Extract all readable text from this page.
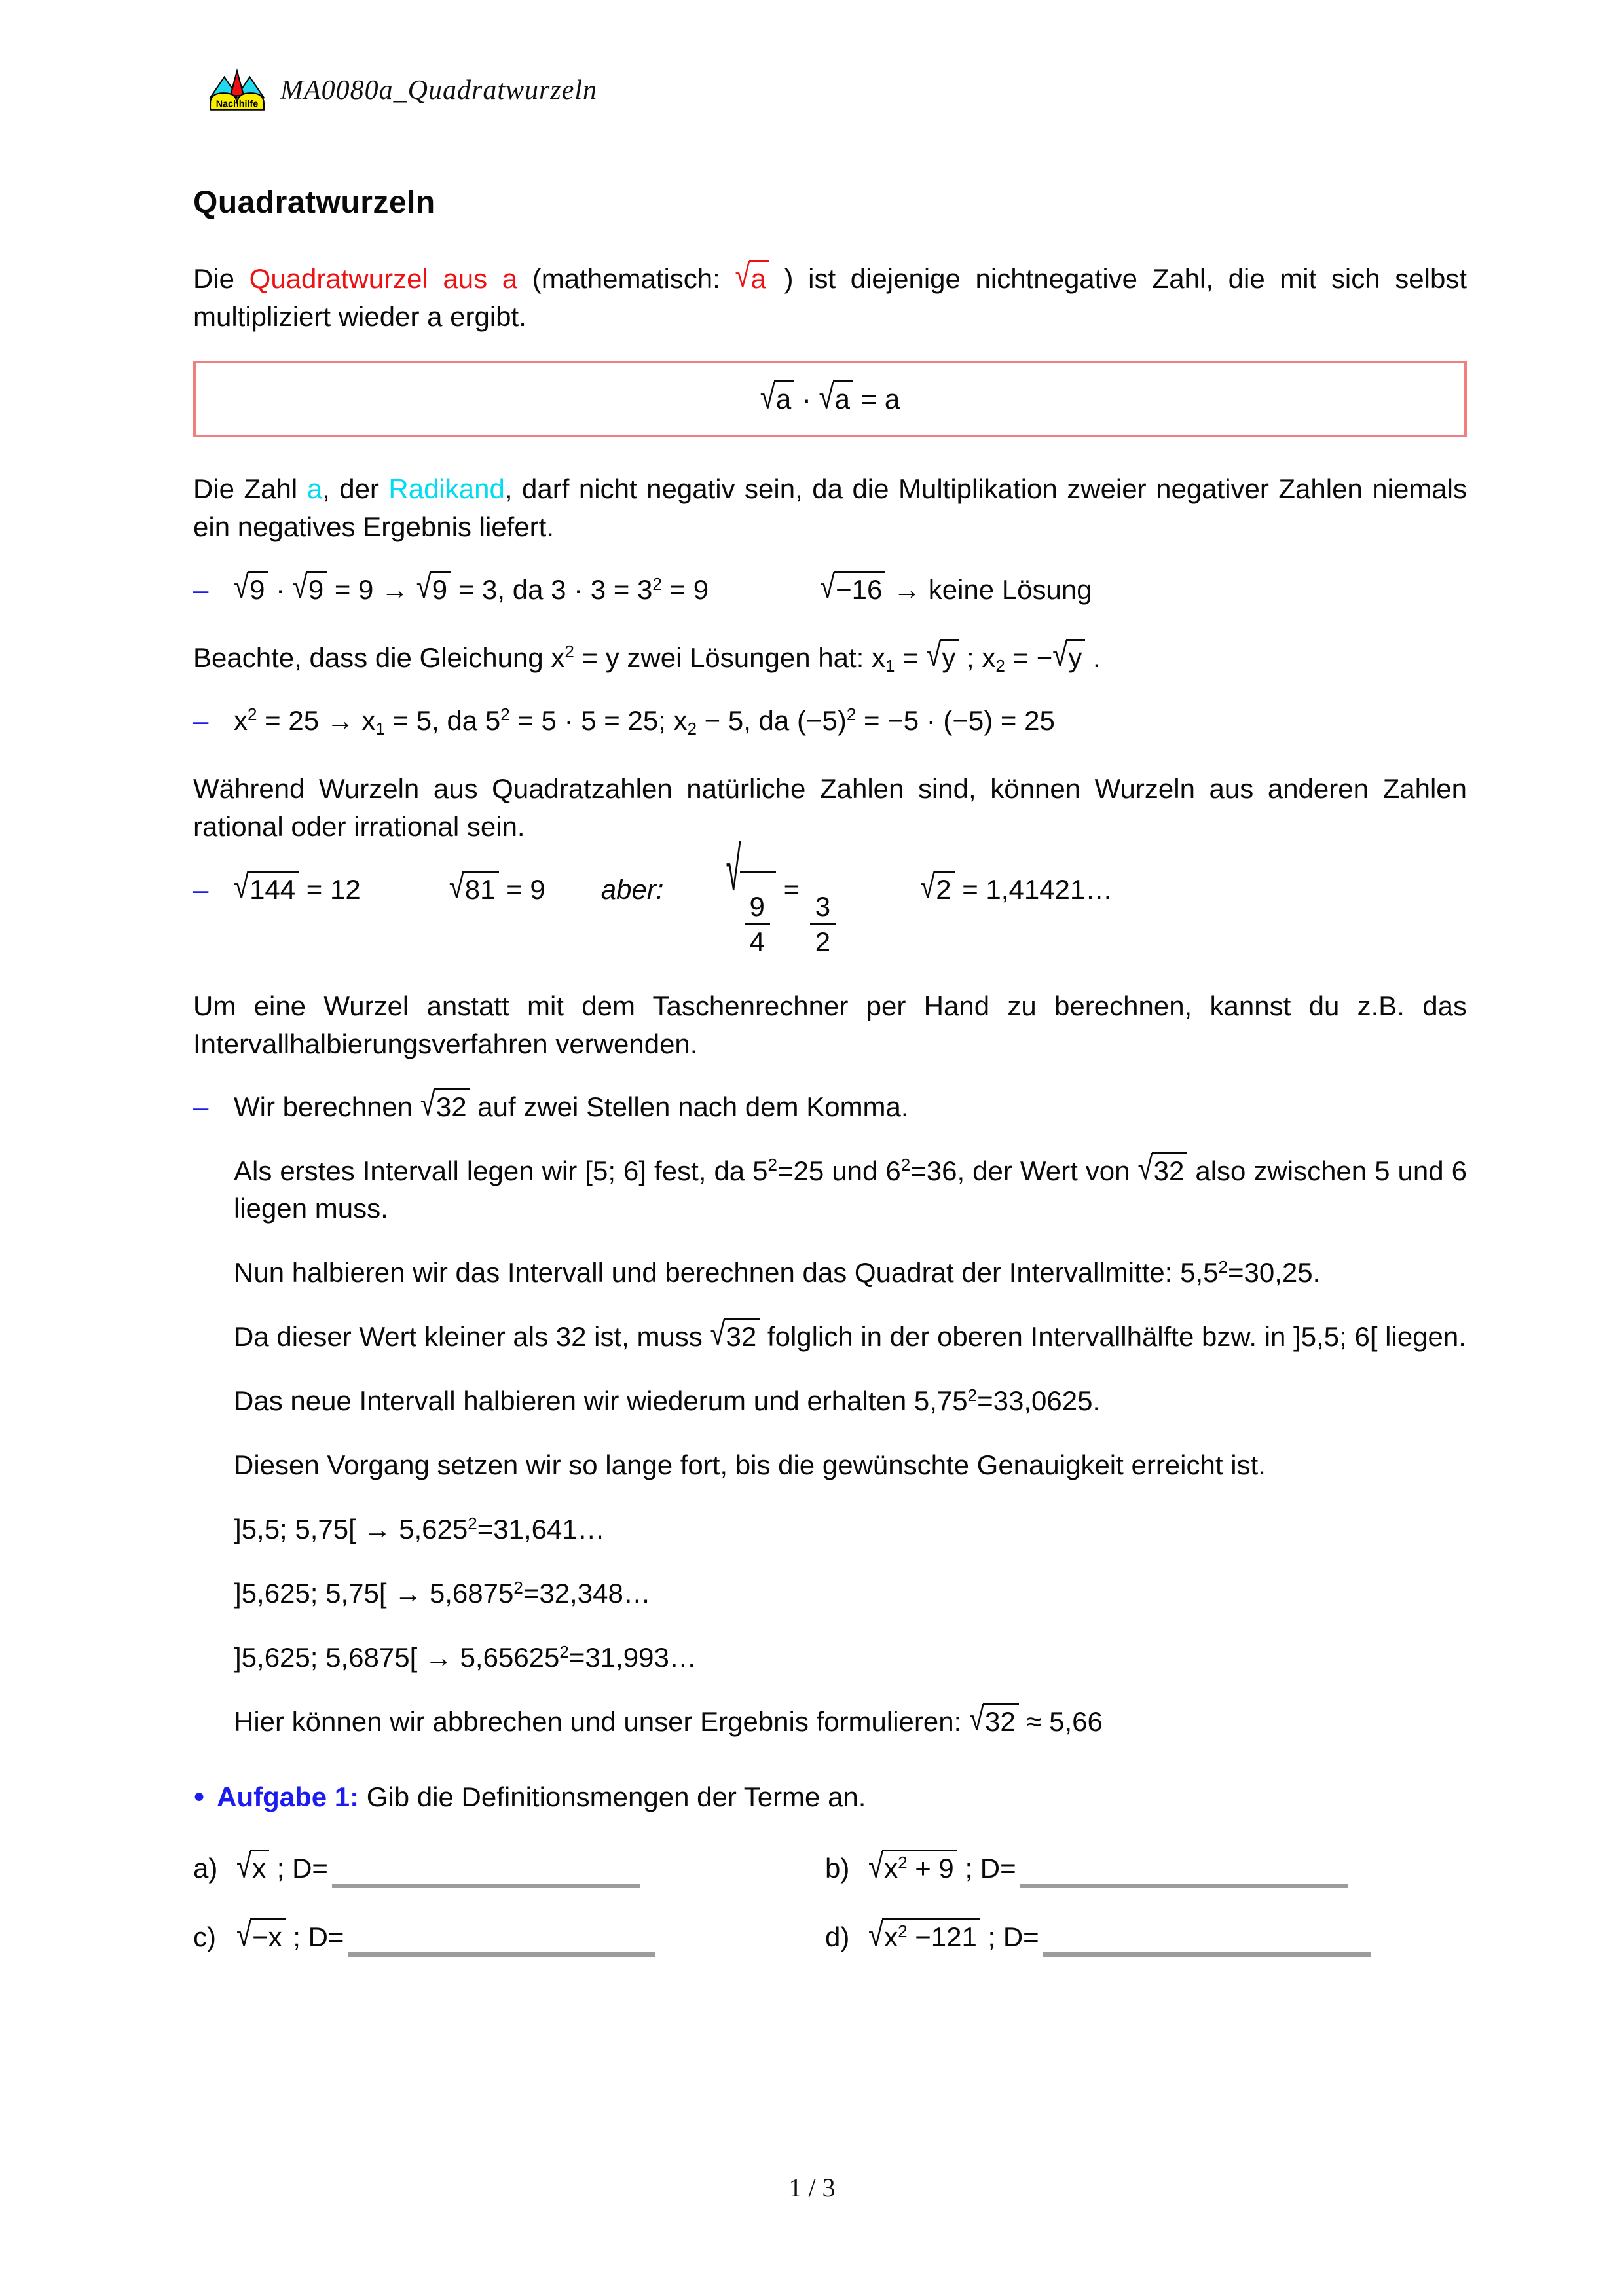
Nachhilfe MA0080a_Quadratwurzeln
Quadratwurzeln

Die Quadratwurzel aus a (mathematisch: √a ) ist diejenige nichtnegative Zahl, die mit sich selbst multipliziert wieder a ergibt.

√a · √a = a

Die Zahl a, der Radikand, darf nicht negativ sein, da die Multiplikation zweier negativer Zahlen niemals ein negatives Ergebnis liefert.

– √9 · √9 = 9 → √9 = 3, da $3 \cdot 3 = 3^2 = 9$	√−16 → keine Lösung

Beachte, dass die Gleichung $x^2 = y$ zwei Lösungen hat: $x_1 = √y$ ; $x_2 = -√y$ .

– $x^2 = 25 \to x_1 = 5$, da $5^2 = 5 \cdot 5 = 25$; $x_2 - 5$, da $(-5)^2 = -5 \cdot (-5) = 25$

Während Wurzeln aus Quadratzahlen natürliche Zahlen sind, können Wurzeln aus anderen Zahlen rational oder irrational sein.

– √144 = 12	√81 = 9 aber: √
$\frac{9}{4}$
=
$\frac{3}{2}$
√2 = 1,41421…

Um eine Wurzel anstatt mit dem Taschenrechner per Hand zu berechnen, kannst du z.B. das Intervallhalbierungsverfahren verwenden.

– Wir berechnen √32 auf zwei Stellen nach dem Komma.

Als erstes Intervall legen wir [5; 6] fest, da $5^2=25$ und $6^2=36$, der Wert von √32 also zwischen 5 und 6 liegen muss.

Nun halbieren wir das Intervall und berechnen das Quadrat der Intervallmitte: $5,5^2=30,25$.

Da dieser Wert kleiner als 32 ist, muss √32 folglich in der oberen Intervallhälfte bzw. in ]5,5; 6[ liegen.

Das neue Intervall halbieren wir wiederum und erhalten $5,75^2=33,0625$.

Diesen Vorgang setzen wir so lange fort, bis die gewünschte Genauigkeit erreicht ist.

]5,5; $5,75[ \to 5,625^2=31,641\dots$

]5,625; $5,75[ \to 5,6875^2=32,348\dots$

]5,625; $5,6875[ \to 5,65625^2=31,993\dots$

Hier können wir abbrechen und unser Ergebnis formulieren: √32 ≈ 5,66

● Aufgabe 1: Gib die Definitionsmengen der Terme an.
a) √x ; D=	b) $√x^2 + 9$ ; D=
c) √−x ; D=	d) $√x^2 -121$ ; D=
1 / 3
